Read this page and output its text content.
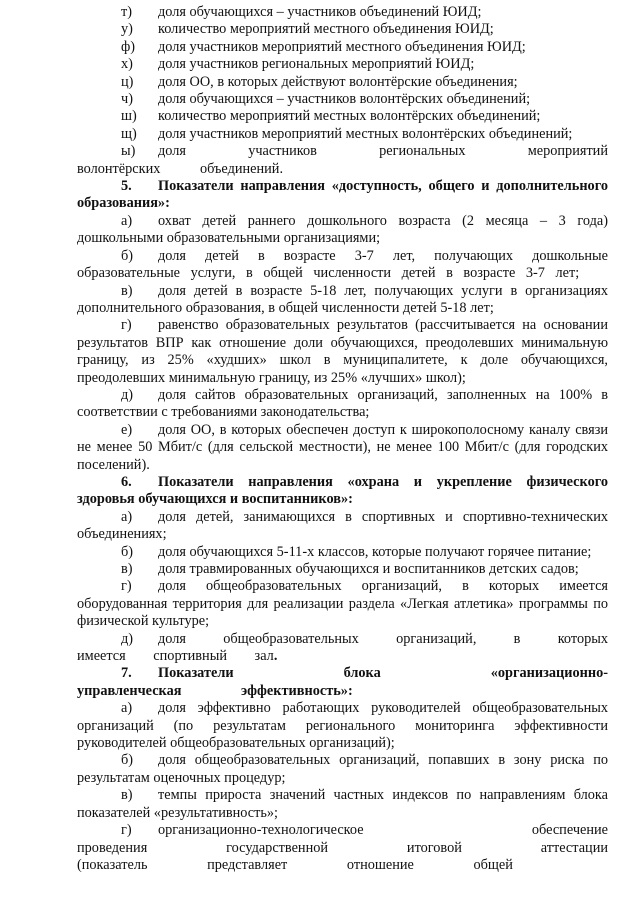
т) доля обучающихся – участников объединений ЮИД;

у) количество мероприятий местного объединения ЮИД;

ф) доля участников мероприятий местного объединения ЮИД;

х) доля участников региональных мероприятий ЮИД;

ц) доля ОО, в которых действуют волонтёрские объединения;

ч) доля обучающихся – участников волонтёрских объединений;

ш) количество мероприятий местных волонтёрских объединений;

щ) доля участников мероприятий местных волонтёрских объединений;

ы) доля участников региональных мероприятий волонтёрских объединений.

5. Показатели направления «доступность, общего и дополнительного образования»:

а) охват детей раннего дошкольного возраста (2 месяца – 3 года) дошкольными образовательными организациями;

б) доля детей в возрасте 3-7 лет, получающих дошкольные образовательные услуги, в общей численности детей в возрасте 3-7 лет;

в) доля детей в возрасте 5-18 лет, получающих услуги в организациях дополнительного образования, в общей численности детей 5-18 лет;

г) равенство образовательных результатов (рассчитывается на основании результатов ВПР как отношение доли обучающихся, преодолевших минимальную границу, из 25% «худших» школ в муниципалитете, к доле обучающихся, преодолевших минимальную границу, из 25% «лучших» школ);

д) доля сайтов образовательных организаций, заполненных на 100% в соответствии с требованиями законодательства;

е) доля ОО, в которых обеспечен доступ к широкополосному каналу связи не менее 50 Мбит/с (для сельской местности), не менее 100 Мбит/с (для городских поселений).

6. Показатели направления «охрана и укрепление физического здоровья обучающихся и воспитанников»:

а) доля детей, занимающихся в спортивных и спортивно-технических объединениях;

б) доля обучающихся 5-11-х классов, которые получают горячее питание;

в) доля травмированных обучающихся и воспитанников детских садов;

г) доля общеобразовательных организаций, в которых имеется оборудованная территория для реализации раздела «Легкая атлетика» программы по физической культуре;

д) доля общеобразовательных организаций, в которых имеется спортивный зал.

7. Показатели блока «организационно-управленческая эффективность»:

а) доля эффективно работающих руководителей общеобразовательных организаций (по результатам регионального мониторинга эффективности руководителей общеобразовательных организаций);

б) доля общеобразовательных организаций, попавших в зону риска по результатам оценочных процедур;

в) темпы прироста значений частных индексов по направлениям блока показателей «результативность»;

г) организационно-технологическое обеспечение проведения государственной итоговой аттестации (показатель представляет отношение общей
